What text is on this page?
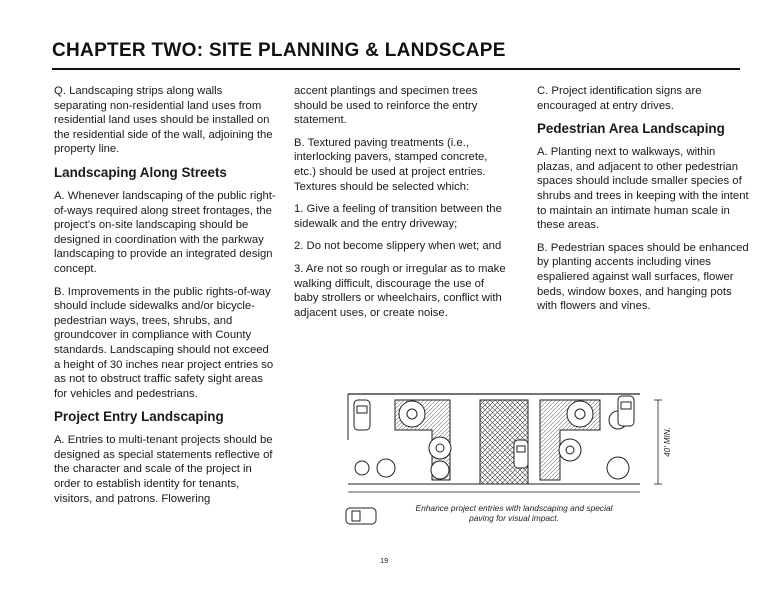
CHAPTER TWO: SITE PLANNING & LANDSCAPE

Q. Landscaping strips along walls separating non-residential land uses from residential land uses should be installed on the residential side of the wall, adjoining the property line.

Landscaping Along Streets

A. Whenever landscaping of the public right-of-ways required along street frontages, the project's on-site landscaping should be designed in coordination with the parkway landscaping to provide an integrated design concept.

B. Improvements in the public rights-of-way should include sidewalks and/or bicycle-pedestrian ways, trees, shrubs, and groundcover in compliance with County standards. Landscaping should not exceed a height of 30 inches near project entries so as not to obstruct traffic safety sight areas for vehicles and pedestrians.

Project Entry Landscaping

A. Entries to multi-tenant projects should be designed as special statements reflective of the character and scale of the project in order to establish identity for tenants, visitors, and patrons. Flowering

accent plantings and specimen trees should be used to reinforce the entry statement.

B. Textured paving treatments (i.e., interlocking pavers, stamped concrete, etc.) should be used at project entries. Textures should be selected which:

1. Give a feeling of transition between the sidewalk and the entry driveway;

2. Do not become slippery when wet; and

3. Are not so rough or irregular as to make walking difficult, discourage the use of baby strollers or wheelchairs, conflict with adjacent uses, or create noise.

C. Project identification signs are encouraged at entry drives.

Pedestrian Area Landscaping

A. Planting next to walkways, within plazas, and adjacent to other pedestrian spaces should include smaller species of shrubs and trees in keeping with the intent to maintain an intimate human scale in these areas.

B. Pedestrian spaces should be enhanced by planting accents including vines espaliered against wall surfaces, flower beds, window boxes, and hanging pots with flowers and vines.

40' MIN.
Enhance project entries with landscaping and special paving for visual impact.
19
